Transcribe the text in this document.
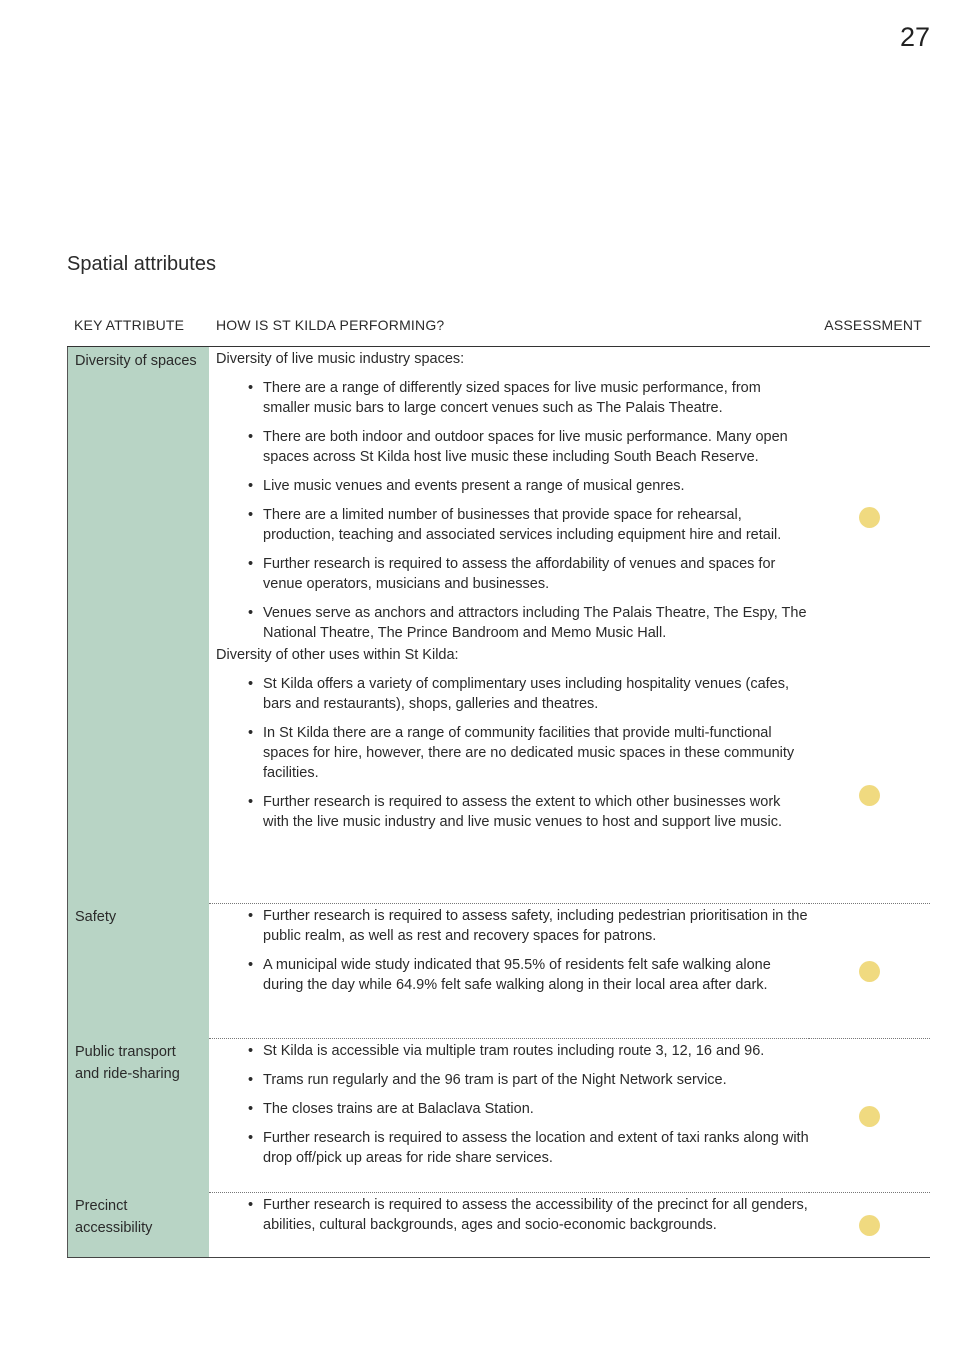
27
Spatial attributes
KEY ATTRIBUTE HOW IS ST KILDA PERFORMING?	ASSESSMENT
Diversity of spaces	Diversity of live music industry spaces:
• There are a range of differently sized spaces for live music performance, from smaller music bars to large concert venues such as The Palais Theatre.
• There are both indoor and outdoor spaces for live music performance. Many open spaces across St Kilda host live music these including South Beach Reserve.
• Live music venues and events present a range of musical genres.
• There are a limited number of businesses that provide space for rehearsal, production, teaching and associated services including equipment hire and retail.
• Further research is required to assess the affordability of venues and spaces for venue operators, musicians and businesses.
• Venues serve as anchors and attractors including The Palais Theatre, The Espy, The National Theatre, The Prince Bandroom and Memo Music Hall.
Diversity of other uses within St Kilda:
• St Kilda offers a variety of complimentary uses including hospitality venues (cafes, bars and restaurants), shops, galleries and theatres.
• In St Kilda there are a range of community facilities that provide multi-functional spaces for hire, however, there are no dedicated music spaces in these community facilities.
• Further research is required to assess the extent to which other businesses work with the live music industry and live music venues to host and support live music.
Safety
•	Further research is required to assess safety, including pedestrian prioritisation in the public realm, as well as rest and recovery spaces for patrons.
• A municipal wide study indicated that 95.5% of residents felt safe walking alone during the day while 64.9% felt safe walking along in their local area after dark.
Public transport and ride-sharing
• St Kilda is accessible via multiple tram routes including route 3, 12, 16 and 96.
• Trams run regularly and the 96 tram is part of the Night Network service.
• The closes trains are at Balaclava Station.
• Further research is required to assess the location and extent of taxi ranks along with drop off/pick up areas for ride share services.
Precinct accessibility
• Further research is required to assess the accessibility of the precinct for all genders, abilities, cultural backgrounds, ages and socio-economic backgrounds.
